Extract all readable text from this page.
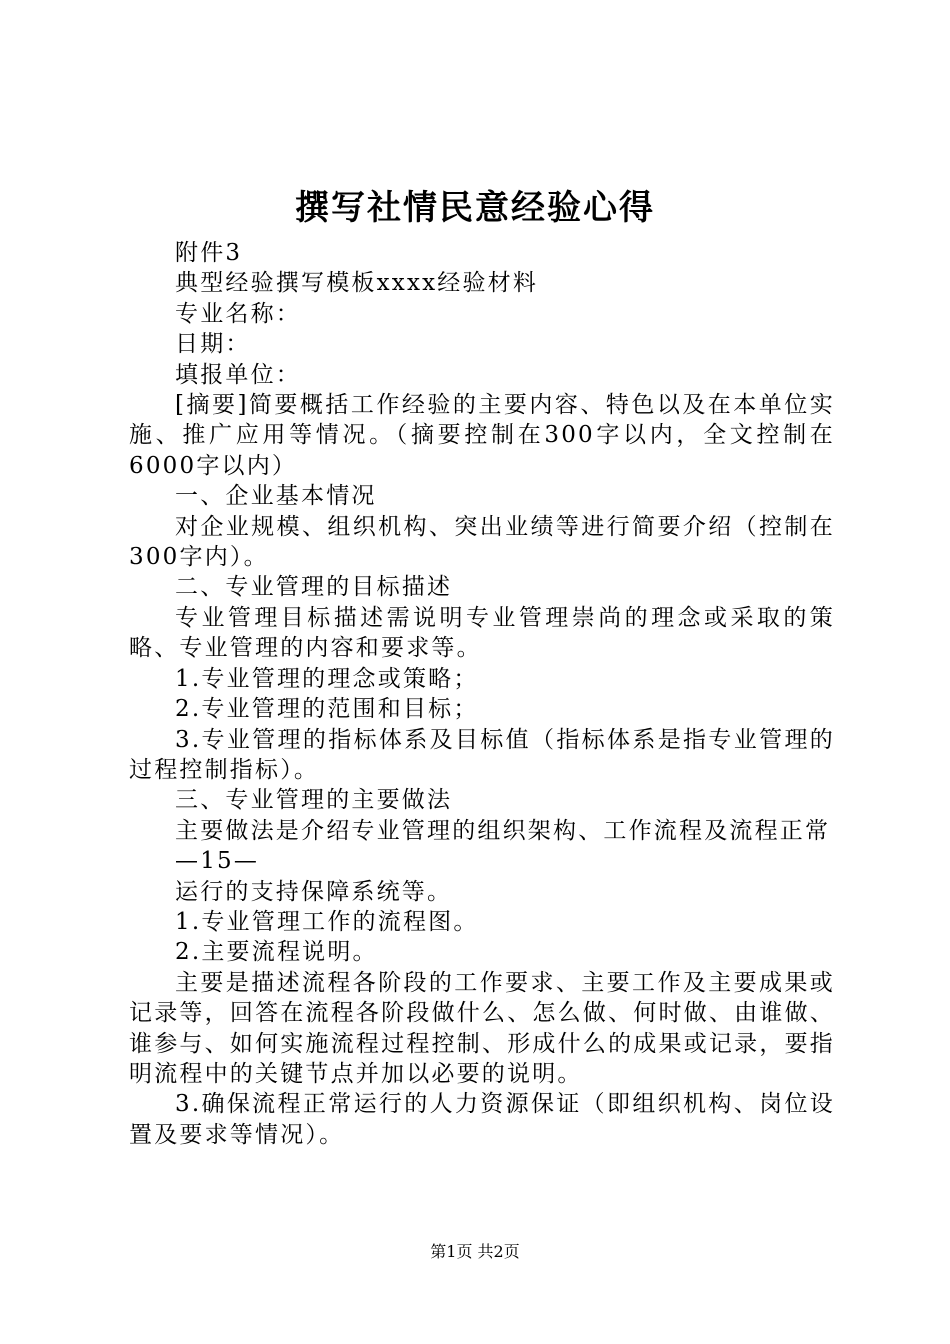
撰写社情民意经验心得

附件3

典型经验撰写模板xxxx经验材料

专业名称：

日期：

填报单位：

[摘要]简要概括工作经验的主要内容、特色以及在本单位实施、推广应用等情况。（摘要控制在300字以内，全文控制在6000字以内）

一、企业基本情况

对企业规模、组织机构、突出业绩等进行简要介绍（控制在300字内）。

二、专业管理的目标描述

专业管理目标描述需说明专业管理崇尚的理念或采取的策略、专业管理的内容和要求等。

1.专业管理的理念或策略；

2.专业管理的范围和目标；

3.专业管理的指标体系及目标值（指标体系是指专业管理的过程控制指标）。

三、专业管理的主要做法

主要做法是介绍专业管理的组织架构、工作流程及流程正常

—15—

运行的支持保障系统等。

1.专业管理工作的流程图。

2.主要流程说明。

主要是描述流程各阶段的工作要求、主要工作及主要成果或记录等，回答在流程各阶段做什么、怎么做、何时做、由谁做、谁参与、如何实施流程过程控制、形成什么的成果或记录，要指明流程中的关键节点并加以必要的说明。

3.确保流程正常运行的人力资源保证（即组织机构、岗位设置及要求等情况）。

第1页 共2页
